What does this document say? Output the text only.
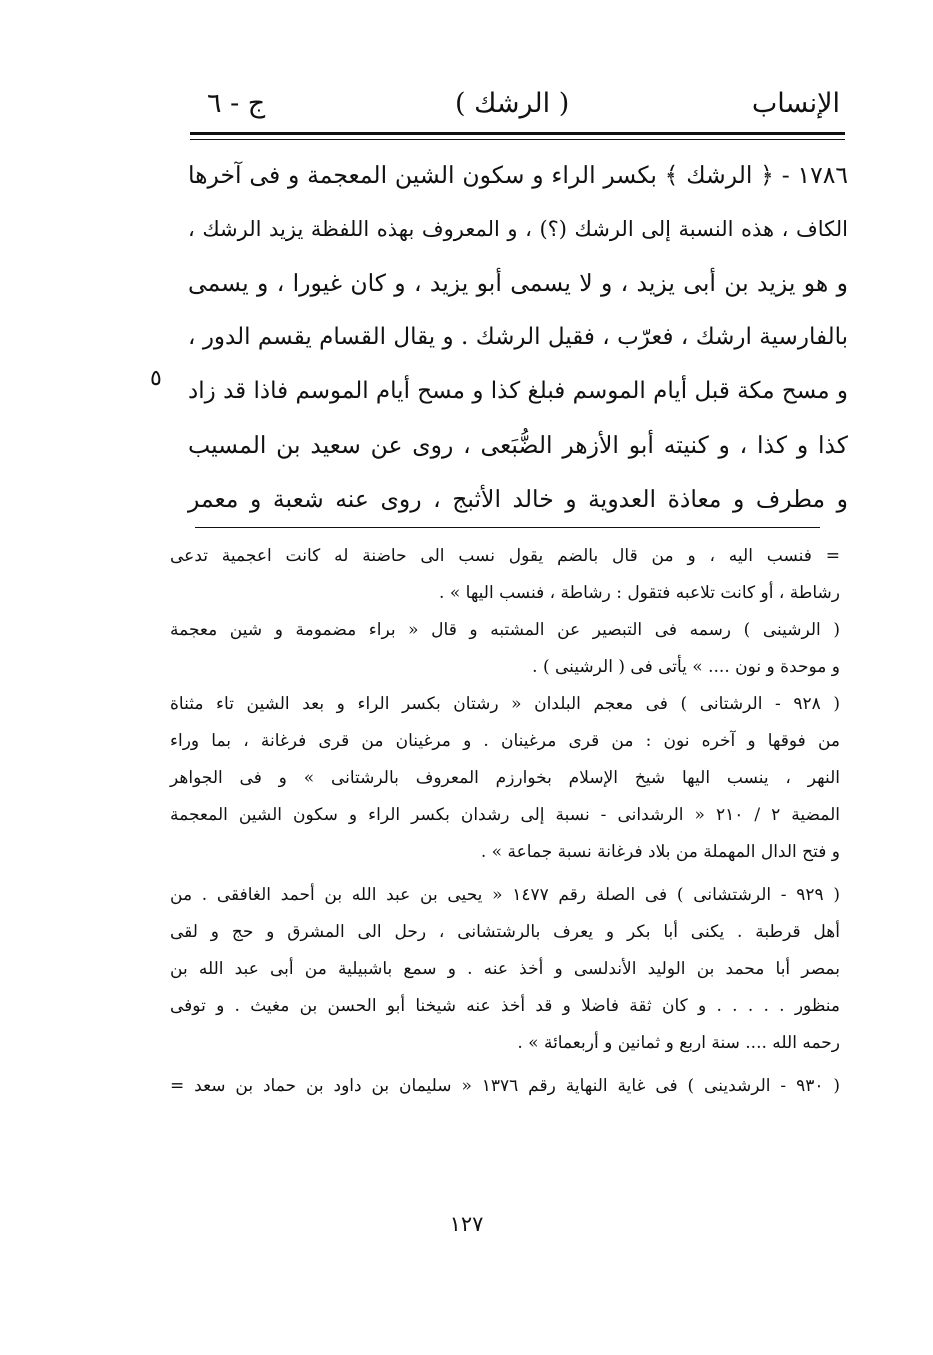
الإنساب
( الرشك )
ج - ٦
١٧٨٦ - ﴿ الرشك ﴾ بكسر الراء و سكون الشين المعجمة و فى آخرها
الكاف ، هذه النسبة إلى الرشك (؟) ، و المعروف بهذه اللفظة يزيد الرشك ،
و هو يزيد بن أبى يزيد ، و لا يسمى أبو يزيد ، و كان غيورا ، و يسمى
بالفارسية ارشك ، فعرّب ، فقيل الرشك . و يقال القسام يقسم الدور ،
و مسح مكة قبل أيام الموسم فبلغ كذا و مسح أيام الموسم فاذا قد زاد
كذا و كذا ، و كنيته أبو الأزهر الضُّبَعى ، روى عن سعيد بن المسيب
و مطرف و معاذة العدوية و خالد الأثبج ، روى عنه شعبة و معمر
٥
= فنسب اليه ، و من قال بالضم يقول نسب الى حاضنة له كانت اعجمية تدعى
رشاطة ، أو كانت تلاعبه فتقول : رشاطة ، فنسب اليها » .
( الرشينى ) رسمه فى التبصير عن المشتبه و قال « براء مضمومة و شين معجمة
و موحدة و نون .... » يأتى فى ( الرشينى ) .
( ٩٢٨ - الرشتانى ) فى معجم البلدان « رشتان بكسر الراء و بعد الشين تاء مثناة
من فوقها و آخره نون : من قرى مرغينان . و مرغينان من قرى فرغانة ، بما وراء
النهر ، ينسب اليها شيخ الإسلام بخوارزم المعروف بالرشتانى » و فى الجواهر
المضية ٢ / ٢١٠ « الرشدانى - نسبة إلى رشدان بكسر الراء و سكون الشين المعجمة
و فتح الدال المهملة من بلاد فرغانة نسبة جماعة » .
( ٩٢٩ - الرشتشانى ) فى الصلة رقم ١٤٧٧ « يحيى بن عبد الله بن أحمد الغافقى . من
أهل قرطبة . يكنى أبا بكر و يعرف بالرشتشانى ، رحل الى المشرق و حج و لقى
بمصر أبا محمد بن الوليد الأندلسى و أخذ عنه . و سمع باشبيلية من أبى عبد الله بن
منظور . . . . . و كان ثقة فاضلا و قد أخذ عنه شيخنا أبو الحسن بن مغيث . و توفى
رحمه الله .... سنة اربع و ثمانين و أربعمائة » .
( ٩٣٠ - الرشدينى ) فى غاية النهاية رقم ١٣٧٦ « سليمان بن داود بن حماد بن سعد =
١٢٧
